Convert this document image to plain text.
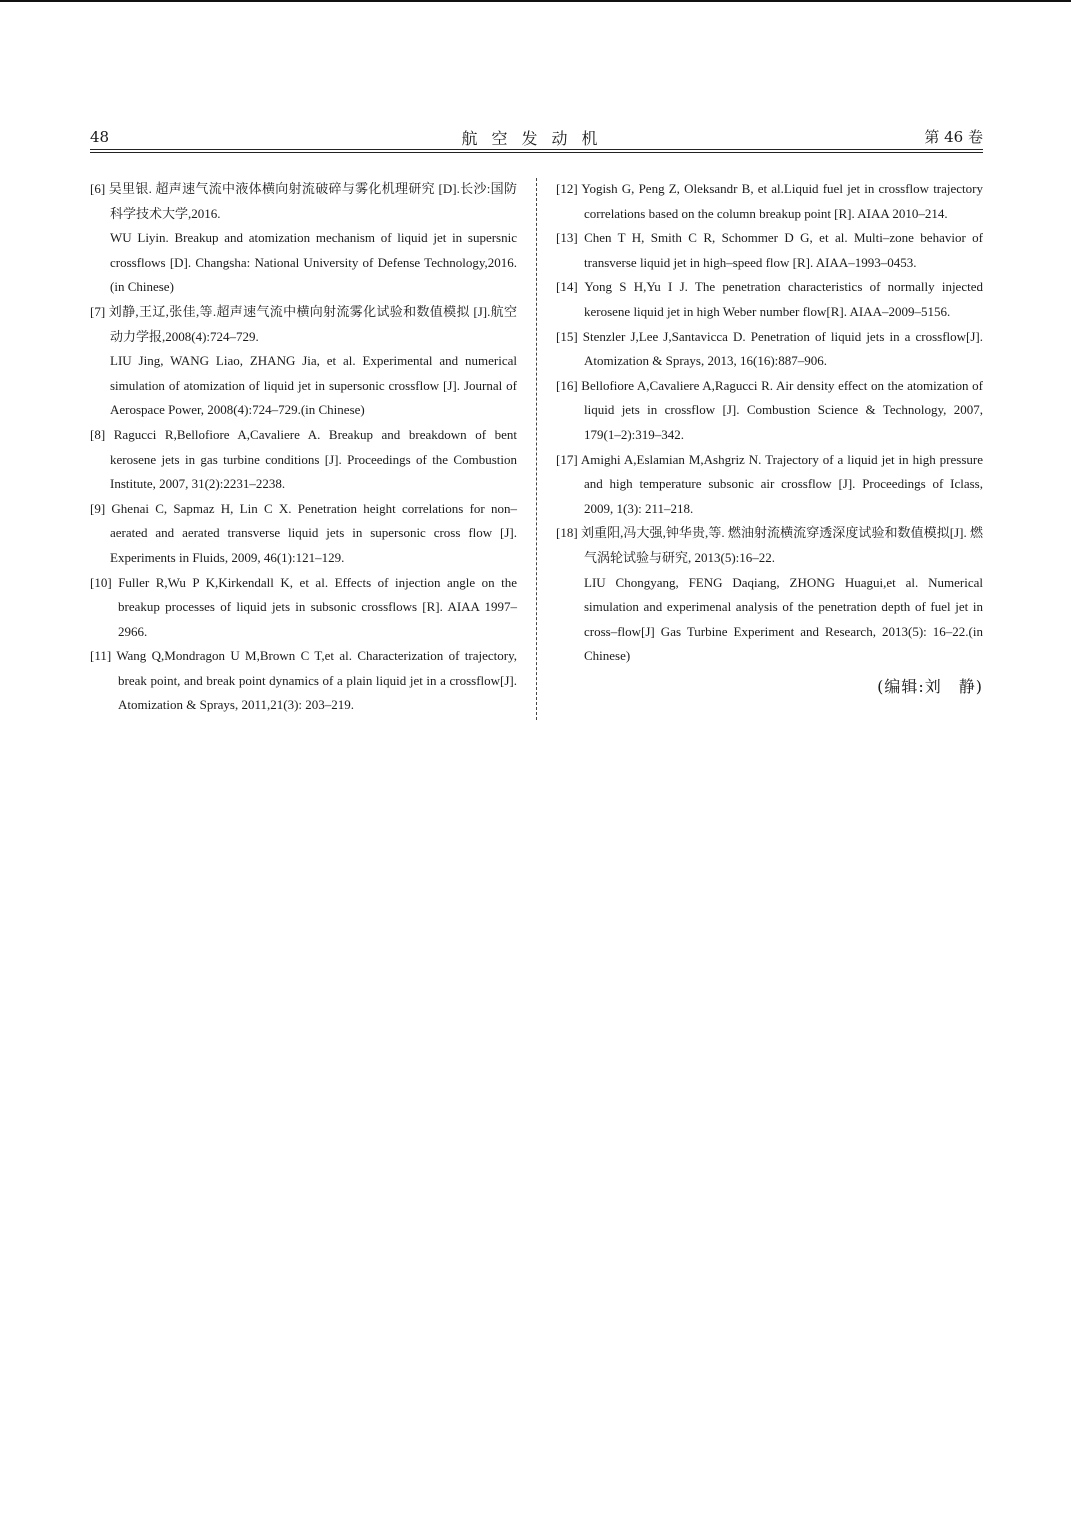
48	航空发动机	第 46 卷

[6] 吴里银. 超声速气流中液体横向射流破碎与雾化机理研究 [D].长沙:国防科学技术大学,2016.

WU Liyin. Breakup and atomization mechanism of liquid jet in supersnic crossflows [D]. Changsha: National University of Defense Technology,2016. (in Chinese)

[7] 刘静,王辽,张佳,等.超声速气流中横向射流雾化试验和数值模拟 [J].航空动力学报,2008(4):724–729.

LIU Jing, WANG Liao, ZHANG Jia, et al. Experimental and numerical simulation of atomization of liquid jet in supersonic crossflow [J]. Journal of Aerospace Power, 2008(4):724–729.(in Chinese)

[8] Ragucci R,Bellofiore A,Cavaliere A. Breakup and breakdown of bent kerosene jets in gas turbine conditions [J]. Proceedings of the Combustion Institute, 2007, 31(2):2231–2238.

[9] Ghenai C, Sapmaz H, Lin C X. Penetration height correlations for non–aerated and aerated transverse liquid jets in supersonic cross flow [J]. Experiments in Fluids, 2009, 46(1):121–129.

[10] Fuller R,Wu P K,Kirkendall K, et al. Effects of injection angle on the breakup processes of liquid jets in subsonic crossflows [R]. AIAA 1997–2966.

[11] Wang Q,Mondragon U M,Brown C T,et al. Characterization of trajectory, break point, and break point dynamics of a plain liquid jet in a crossflow[J]. Atomization & Sprays, 2011,21(3): 203–219.

[12] Yogish G, Peng Z, Oleksandr B, et al.Liquid fuel jet in crossflow trajectory correlations based on the column breakup point [R]. AIAA 2010–214.

[13] Chen T H, Smith C R, Schommer D G, et al. Multi–zone behavior of transverse liquid jet in high–speed flow [R]. AIAA–1993–0453.

[14] Yong S H,Yu I J. The penetration characteristics of normally injected kerosene liquid jet in high Weber number flow[R]. AIAA–2009–5156.

[15] Stenzler J,Lee J,Santavicca D. Penetration of liquid jets in a crossflow[J]. Atomization & Sprays, 2013, 16(16):887–906.

[16] Bellofiore A,Cavaliere A,Ragucci R. Air density effect on the atomization of liquid jets in crossflow [J]. Combustion Science & Technology, 2007, 179(1–2):319–342.

[17] Amighi A,Eslamian M,Ashgriz N. Trajectory of a liquid jet in high pressure and high temperature subsonic air crossflow [J]. Proceedings of Iclass, 2009, 1(3): 211–218.

[18] 刘重阳,冯大强,钟华贵,等. 燃油射流横流穿透深度试验和数值模拟[J]. 燃气涡轮试验与研究, 2013(5):16–22.

LIU Chongyang, FENG Daqiang, ZHONG Huagui,et al. Numerical simulation and experimenal analysis of the penetration depth of fuel jet in cross–flow[J] Gas Turbine Experiment and Research, 2013(5): 16–22.(in Chinese)

(编辑:刘　静)
